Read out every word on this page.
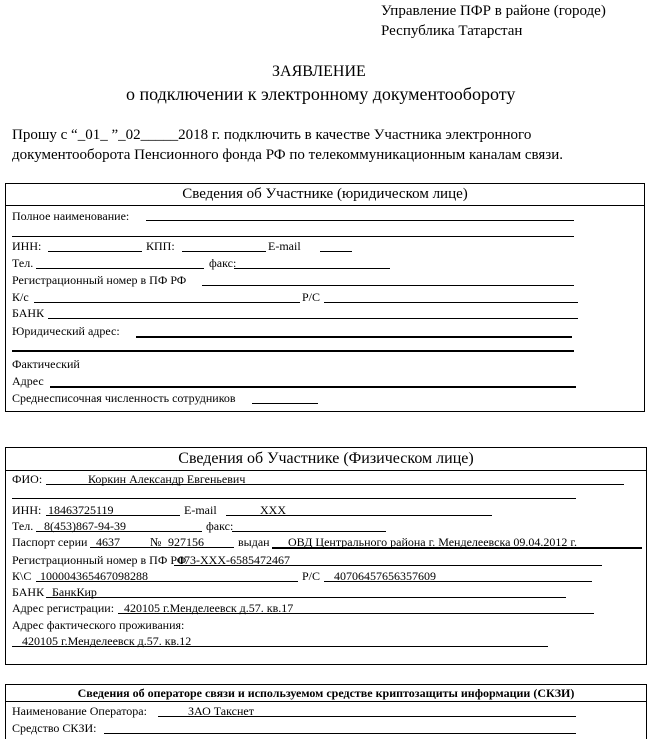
Управление ПФР в районе (городе)
Республика Татарстан
ЗАЯВЛЕНИЕ
о подключении к электронному документообороту
Прошу с “_01_ ”_02_____2018 г. подключить в качестве Участника электронного
документооборота Пенсионного фонда РФ по телекоммуникационным каналам связи.
Сведения об Участнике (юридическом лице)
Полное наименование:
ИНН:	КПП:	E-mail
Тел.	факс:
Регистрационный номер в ПФ РФ
К/с	Р/С
БАНК
Юридический адрес:
Фактический
Адрес
Среднесписочная численность сотрудников
Сведения об Участнике (Физическом лице)
ФИО:	Коркин Александр Евгеньевич
ИНН: 18463725119	E-mail	ХХХ
Тел. 8(453)867-94-39	факс:
Паспорт серии 4637	№ 927156	выдан ОВД Центрального района г. Менделеевска 09.04.2012 г.
Регистрационный номер в ПФ РФ
073-ХХХ-6585472467
К\С 100004365467098288	Р/С 40706457656357609
БАНК БанкКир
Адрес регистрации: 420105 г.Менделеевск д.57. кв.17
Адрес фактического проживания:
420105 г.Менделеевск д.57. кв.12
Сведения об операторе связи и используемом средстве криптозащиты информации (СКЗИ)
Наименование Оператора:	ЗАО Такснет
Средство СКЗИ:
